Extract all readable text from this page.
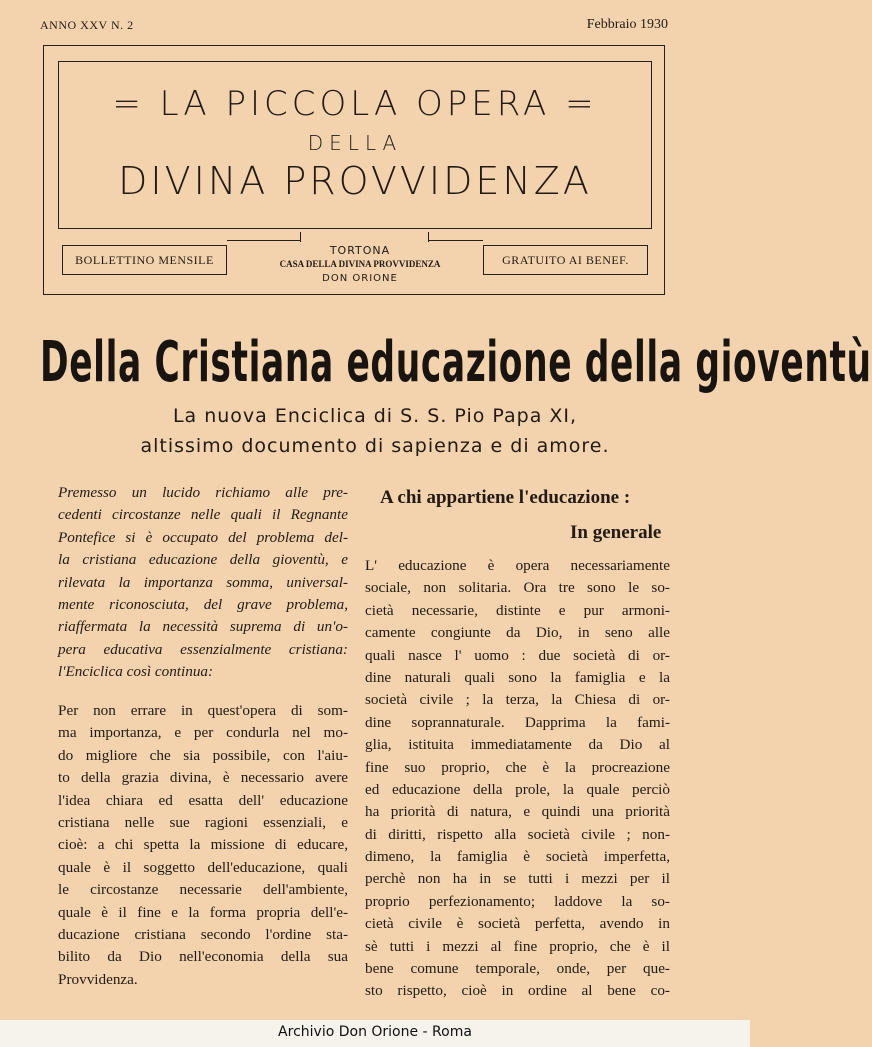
ANNO XXV N. 2	Febbraio 1930
= LA PICCOLA OPERA =
DELLA
DIVINA PROVVIDENZA
BOLLETTINO MENSILE
TORTONA
CASA DELLA DIVINA PROVVIDENZA
DON ORIONE
GRATUITO AI BENEF.
Della Cristiana educazione della gioventù
La nuova Enciclica di S. S. Pio Papa XI,
altissimo documento di sapienza e di amore.
Premesso un lucido richiamo alle pre-
cedenti circostanze nelle quali il Regnante
Pontefice si è occupato del problema del-
la cristiana educazione della gioventù, e
rilevata la importanza somma, universal-
mente riconosciuta, del grave problema,
riaffermata la necessità suprema di un'o-
pera educativa essenzialmente cristiana:
l'Enciclica così continua:
Per non errare in quest'opera di som-
ma importanza, e per condurla nel mo-
do migliore che sia possibile, con l'aiu-
to della grazia divina, è necessario avere
l'idea chiara ed esatta dell' educazione
cristiana nelle sue ragioni essenziali, e
cioè: a chi spetta la missione di educare,
quale è il soggetto dell'educazione, quali
le circostanze necessarie dell'ambiente,
quale è il fine e la forma propria dell'e-
ducazione cristiana secondo l'ordine sta-
bilito da Dio nell'economia della sua
Provvidenza.
A chi appartiene l'educazione :
In generale
L' educazione è opera necessariamente
sociale, non solitaria. Ora tre sono le so-
cietà necessarie, distinte e pur armoni-
camente congiunte da Dio, in seno alle
quali nasce l' uomo : due società di or-
dine naturali quali sono la famiglia e la
società civile ; la terza, la Chiesa di or-
dine soprannaturale. Dapprima la fami-
glia, istituita immediatamente da Dio al
fine suo proprio, che è la procreazione
ed educazione della prole, la quale perciò
ha priorità di natura, e quindi una priorità
di diritti, rispetto alla società civile ; non-
dimeno, la famiglia è società imperfetta,
perchè non ha in se tutti i mezzi per il
proprio perfezionamento; laddove la so-
cietà civile è società perfetta, avendo in
sè tutti i mezzi al fine proprio, che è il
bene comune temporale, onde, per que-
sto rispetto, cioè in ordine al bene co-
Archivio Don Orione - Roma
